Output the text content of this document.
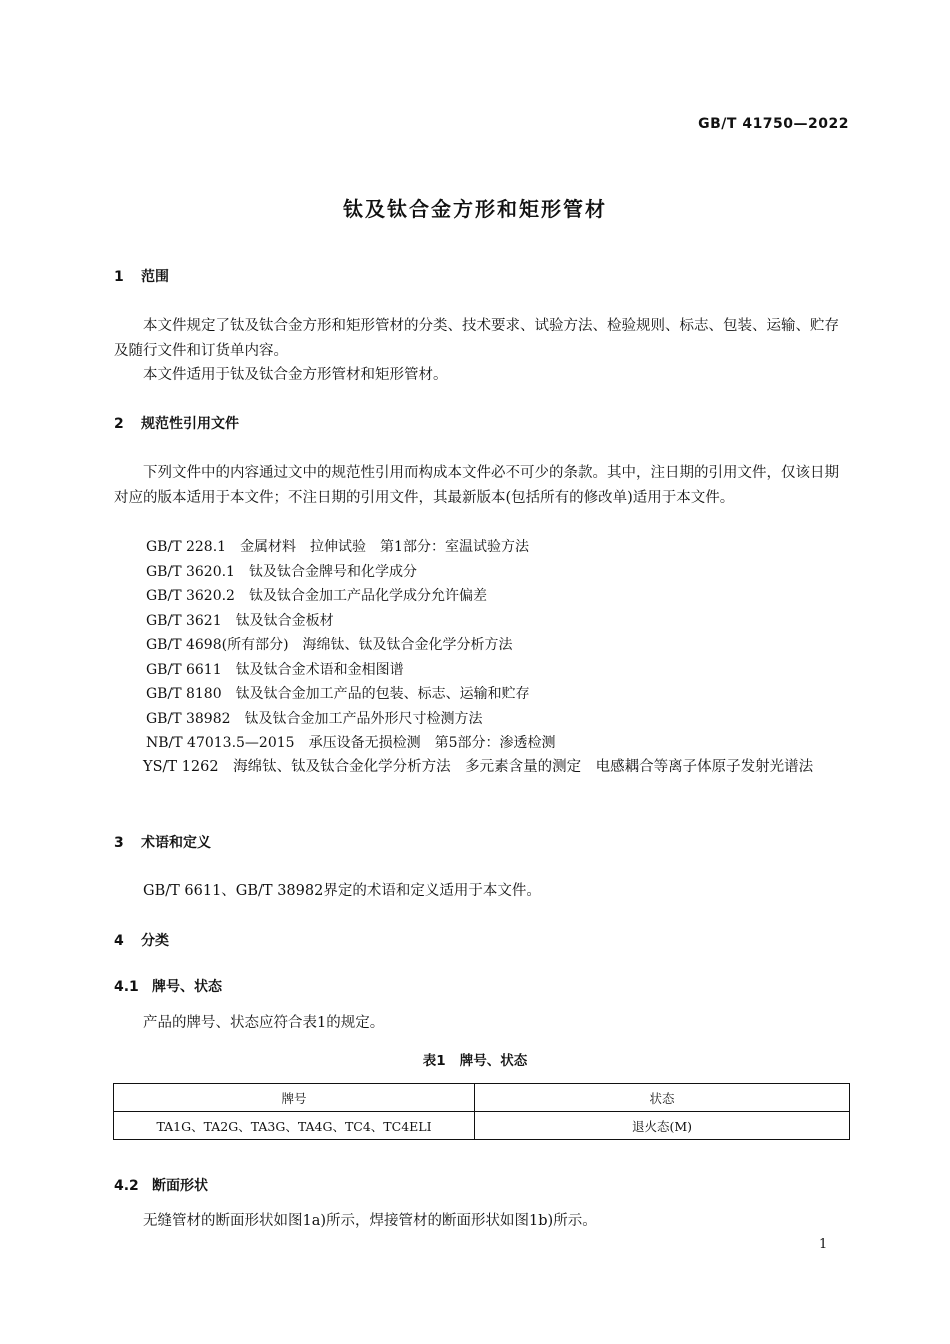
GB/T 41750—2022
钛及钛合金方形和矩形管材
1 范围
本文件规定了钛及钛合金方形和矩形管材的分类、技术要求、试验方法、检验规则、标志、包装、运输、贮存及随行文件和订货单内容。
本文件适用于钛及钛合金方形管材和矩形管材。
2 规范性引用文件
下列文件中的内容通过文中的规范性引用而构成本文件必不可少的条款。其中，注日期的引用文件，仅该日期对应的版本适用于本文件；不注日期的引用文件，其最新版本(包括所有的修改单)适用于本文件。
GB/T 228.1 金属材料　拉伸试验　第1部分：室温试验方法
GB/T 3620.1 钛及钛合金牌号和化学成分
GB/T 3620.2 钛及钛合金加工产品化学成分允许偏差
GB/T 3621 钛及钛合金板材
GB/T 4698(所有部分) 海绵钛、钛及钛合金化学分析方法
GB/T 6611 钛及钛合金术语和金相图谱
GB/T 8180 钛及钛合金加工产品的包装、标志、运输和贮存
GB/T 38982 钛及钛合金加工产品外形尺寸检测方法
NB/T 47013.5—2015 承压设备无损检测　第5部分：渗透检测
YS/T 1262　海绵钛、钛及钛合金化学分析方法　多元素含量的测定　电感耦合等离子体原子发射光谱法
3 术语和定义
GB/T 6611、GB/T 38982界定的术语和定义适用于本文件。
4 分类
4.1 牌号、状态
产品的牌号、状态应符合表1的规定。
表1 牌号、状态
牌号	状态
TA1G、TA2G、TA3G、TA4G、TC4、TC4ELI	退火态(M)
4.2 断面形状
无缝管材的断面形状如图1a)所示，焊接管材的断面形状如图1b)所示。
1
